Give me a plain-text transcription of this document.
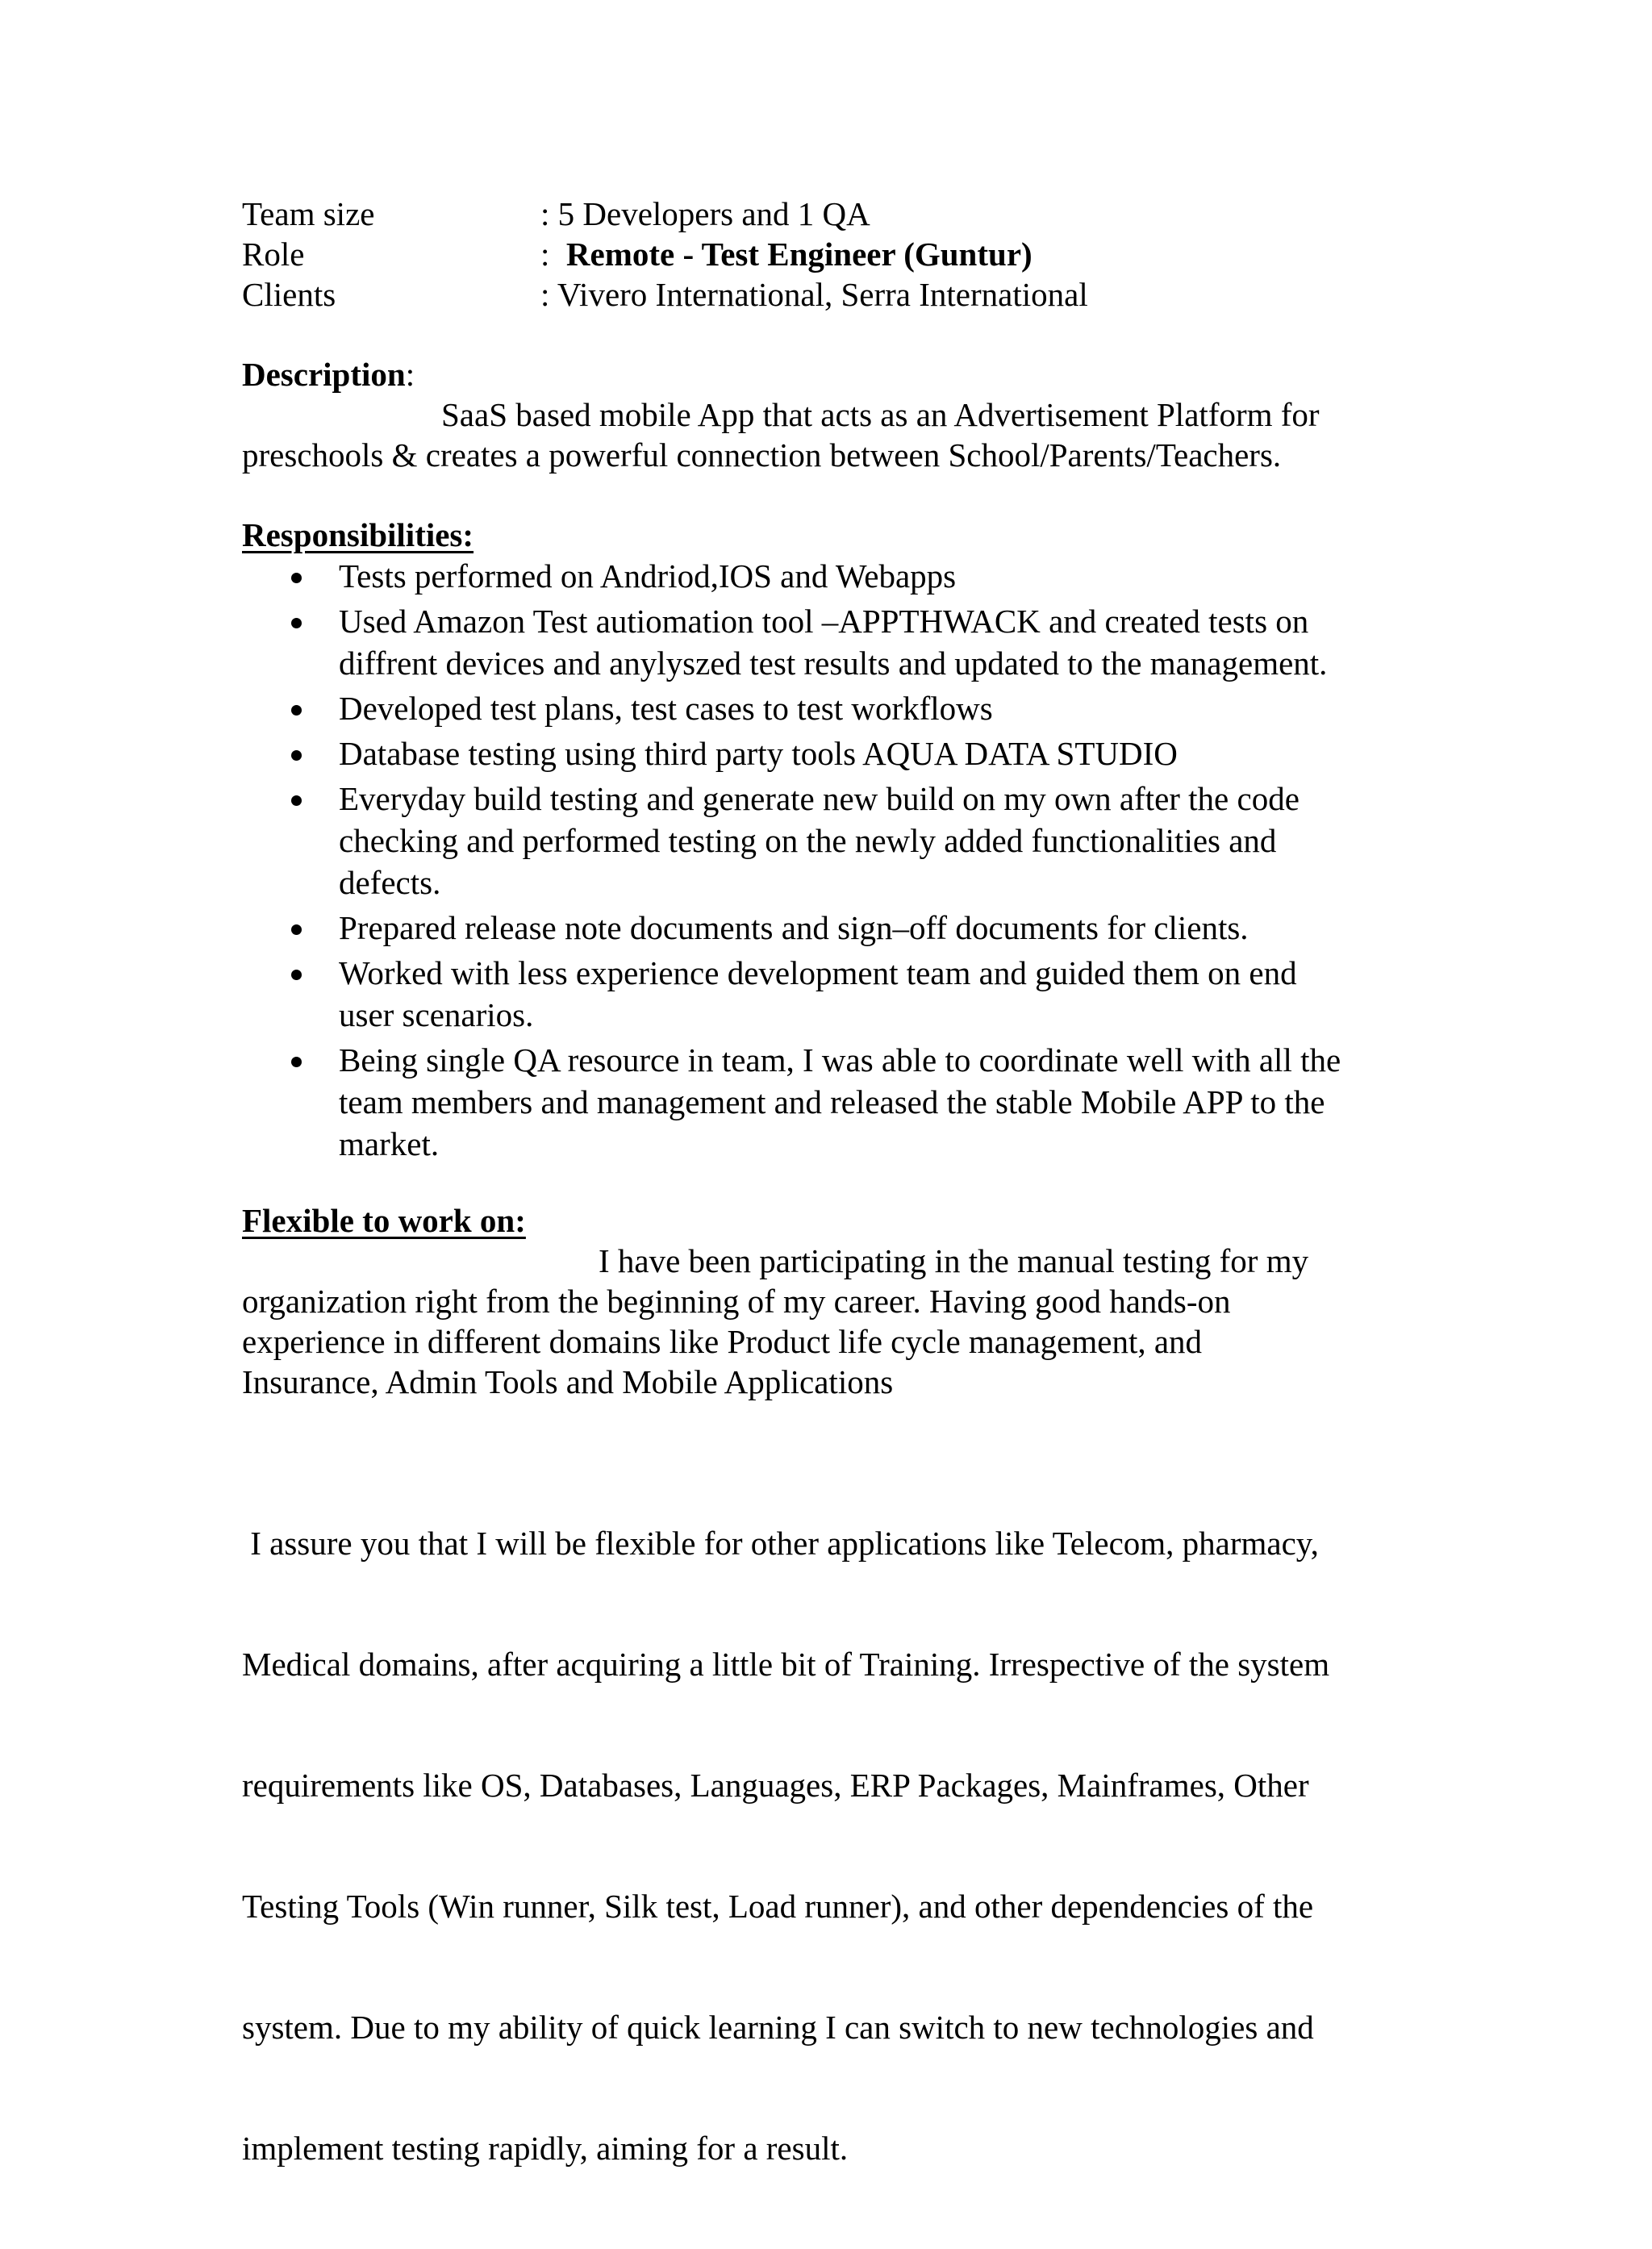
Team size	: 5 Developers and 1 QA
Role	:  Remote - Test Engineer (Guntur)
Clients	: Vivero International, Serra International
Description:
SaaS based mobile App that acts as an Advertisement Platform for
preschools & creates a powerful connection between School/Parents/Teachers.
Responsibilities:
Tests performed on Andriod,IOS and Webapps
Used Amazon Test autiomation tool –APPTHWACK and created tests on
diffrent devices and anylyszed test results and updated to the management.
Developed test plans, test cases to test workflows
Database testing using third party tools AQUA DATA STUDIO
Everyday build testing and generate new build on my own after the code
checking and performed testing on the newly added functionalities and
defects.
Prepared release note documents and sign–off documents for clients.
Worked with less experience development team and guided them on end
user scenarios.
Being single QA resource in team, I was able to coordinate well with all the
team members and management and released the stable Mobile APP to the
market.
Flexible to work on:
I have been participating in the manual testing for my
organization right from the beginning of my career. Having good hands-on
experience in different domains like Product life cycle management, and
Insurance, Admin Tools and Mobile Applications

I assure you that I will be flexible for other applications like Telecom, pharmacy,

Medical domains, after acquiring a little bit of Training. Irrespective of the system

requirements like OS, Databases, Languages, ERP Packages, Mainframes, Other

Testing Tools (Win runner, Silk test, Load runner), and other dependencies of the

system. Due to my ability of quick learning I can switch to new technologies and

implement testing rapidly, aiming for a result.
